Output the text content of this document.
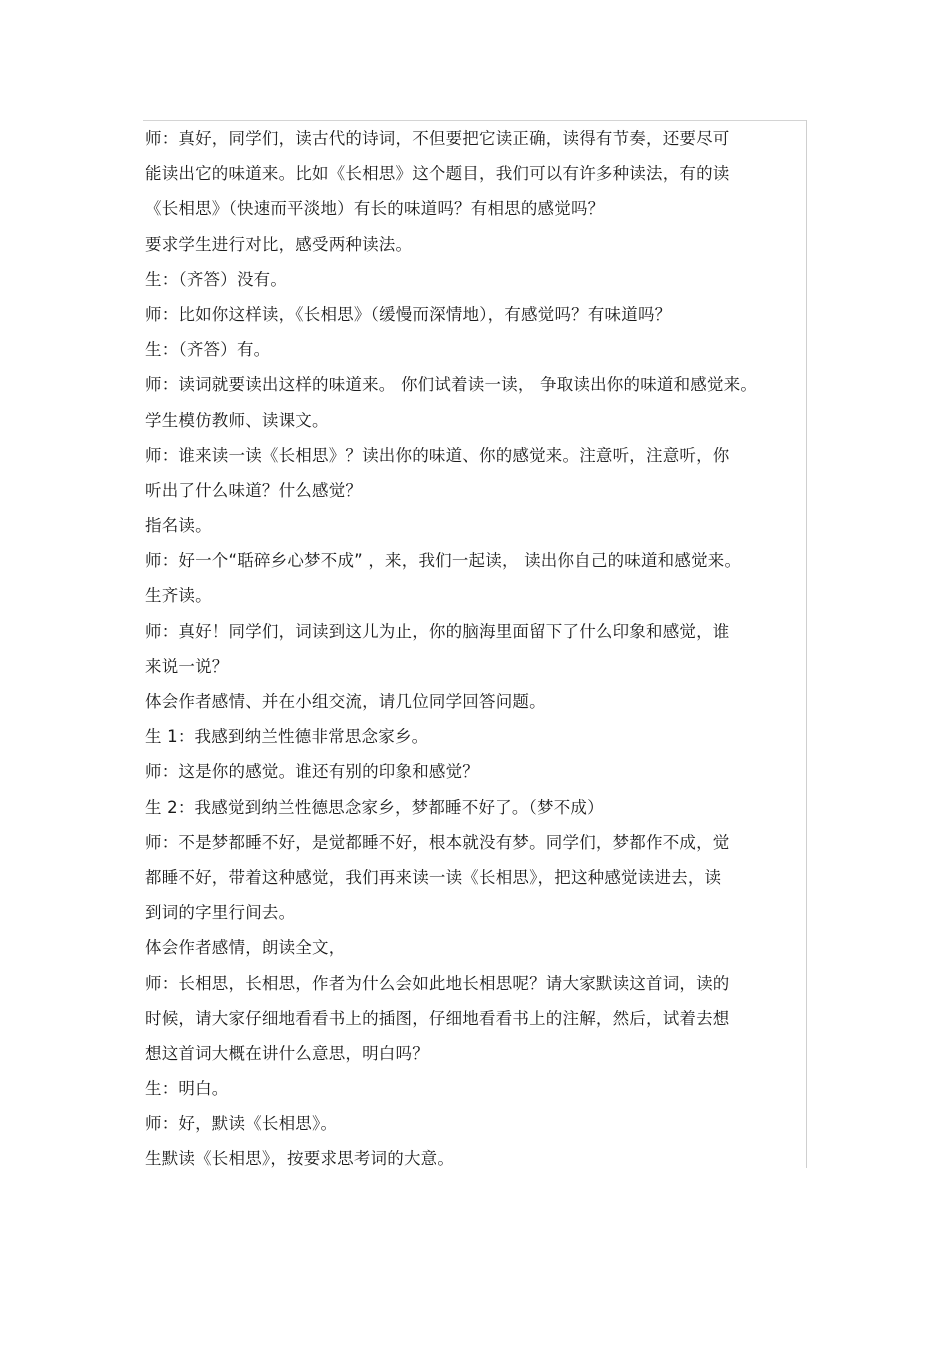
师：真好，同学们，读古代的诗词，不但要把它读正确，读得有节奏，还要尽可
能读出它的味道来。比如《长相思》这个题目，我们可以有许多种读法，有的读
《长相思》（快速而平淡地）有长的味道吗？有相思的感觉吗？
要求学生进行对比，感受两种读法。
生：（齐答）没有。
师：比如你这样读，《长相思》（缓慢而深情地），有感觉吗？有味道吗？
生：（齐答）有。
师：读词就要读出这样的味道来。 你们试着读一读， 争取读出你的味道和感觉来。
学生模仿教师、读课文。
师：谁来读一读《长相思》？读出你的味道、你的感觉来。注意听，注意听，你
听出了什么味道？什么感觉？
指名读。
师：好一个“聒碎乡心梦不成” ，来，我们一起读， 读出你自己的味道和感觉来。
生齐读。
师：真好！同学们，词读到这儿为止，你的脑海里面留下了什么印象和感觉，谁
来说一说？
体会作者感情、并在小组交流，请几位同学回答问题。
生 1：我感到纳兰性德非常思念家乡。
师：这是你的感觉。谁还有别的印象和感觉？
生 2：我感觉到纳兰性德思念家乡，梦都睡不好了。（梦不成）
师：不是梦都睡不好，是觉都睡不好，根本就没有梦。同学们，梦都作不成，觉
都睡不好，带着这种感觉，我们再来读一读《长相思》，把这种感觉读进去，读
到词的字里行间去。
体会作者感情，朗读全文，
师：长相思，长相思，作者为什么会如此地长相思呢？请大家默读这首词，读的
时候，请大家仔细地看看书上的插图，仔细地看看书上的注解，然后，试着去想
想这首词大概在讲什么意思，明白吗？
生：明白。
师：好，默读《长相思》。
生默读《长相思》，按要求思考词的大意。
